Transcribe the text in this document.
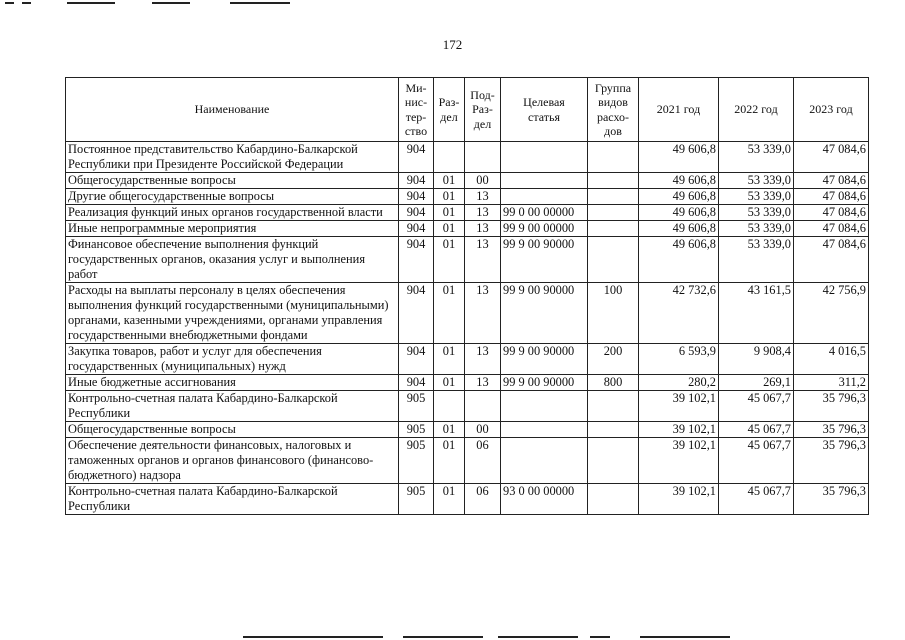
172
Наименование	Ми-
нис-
тер-
ство	Раз-
дел	Под-
Раз-
дел	Целевая
статья	Группа
видов
расхо-
дов	2021 год	2022 год	2023 год
Постоянное представительство Кабардино-Балкарской Республики при Президенте Российской Федерации	904					49 606,8	53 339,0	47 084,6
Общегосударственные вопросы	904	01	00			49 606,8	53 339,0	47 084,6
Другие общегосударственные вопросы	904	01	13			49 606,8	53 339,0	47 084,6
Реализация функций иных органов государственной власти	904	01	13	99 0 00 00000		49 606,8	53 339,0	47 084,6
Иные непрограммные мероприятия	904	01	13	99 9 00 00000		49 606,8	53 339,0	47 084,6
Финансовое обеспечение выполнения функций государственных органов, оказания услуг и выполнения работ	904	01	13	99 9 00 90000		49 606,8	53 339,0	47 084,6
Расходы на выплаты персоналу в целях обеспечения выполнения функций государственными (муниципальными) органами, казенными учреждениями, органами управления государственными внебюджетными фондами	904	01	13	99 9 00 90000	100	42 732,6	43 161,5	42 756,9
Закупка товаров, работ и услуг для обеспечения государственных (муниципальных) нужд	904	01	13	99 9 00 90000	200	6 593,9	9 908,4	4 016,5
Иные бюджетные ассигнования	904	01	13	99 9 00 90000	800	280,2	269,1	311,2
Контрольно-счетная палата Кабардино-Балкарской Республики	905					39 102,1	45 067,7	35 796,3
Общегосударственные вопросы	905	01	00			39 102,1	45 067,7	35 796,3
Обеспечение деятельности финансовых, налоговых и таможенных органов и органов финансового (финансово-бюджетного) надзора	905	01	06			39 102,1	45 067,7	35 796,3
Контрольно-счетная палата Кабардино-Балкарской Республики	905	01	06	93 0 00 00000		39 102,1	45 067,7	35 796,3
